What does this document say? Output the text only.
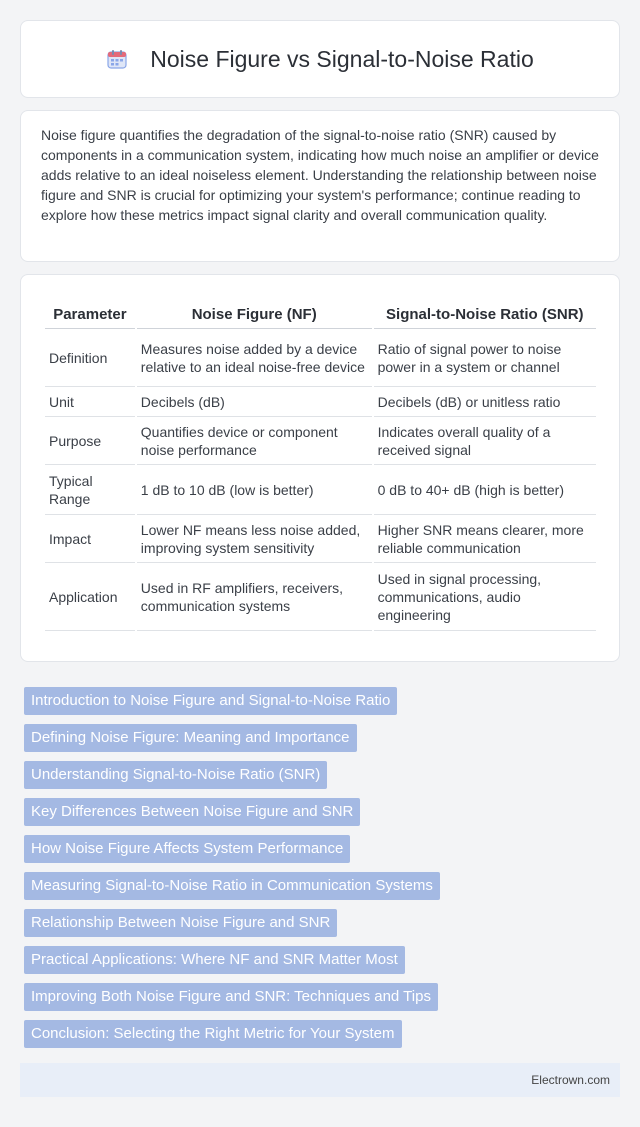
Noise Figure vs Signal-to-Noise Ratio

Noise figure quantifies the degradation of the signal-to-noise ratio (SNR) caused by components in a communication system, indicating how much noise an amplifier or device adds relative to an ideal noiseless element. Understanding the relationship between noise figure and SNR is crucial for optimizing your system's performance; continue reading to explore how these metrics impact signal clarity and overall communication quality.

Parameter	Noise Figure (NF)	Signal-to-Noise Ratio (SNR)
Definition	Measures noise added by a device relative to an ideal noise-free device	Ratio of signal power to noise power in a system or channel
Unit	Decibels (dB)	Decibels (dB) or unitless ratio
Purpose	Quantifies device or component noise performance	Indicates overall quality of a received signal
Typical Range	1 dB to 10 dB (low is better)	0 dB to 40+ dB (high is better)
Impact	Lower NF means less noise added, improving system sensitivity	Higher SNR means clearer, more reliable communication
Application	Used in RF amplifiers, receivers, communication systems	Used in signal processing, communications, audio engineering
Introduction to Noise Figure and Signal-to-Noise Ratio
Defining Noise Figure: Meaning and Importance
Understanding Signal-to-Noise Ratio (SNR)
Key Differences Between Noise Figure and SNR
How Noise Figure Affects System Performance
Measuring Signal-to-Noise Ratio in Communication Systems
Relationship Between Noise Figure and SNR
Practical Applications: Where NF and SNR Matter Most
Improving Both Noise Figure and SNR: Techniques and Tips
Conclusion: Selecting the Right Metric for Your System
Electrown.com
